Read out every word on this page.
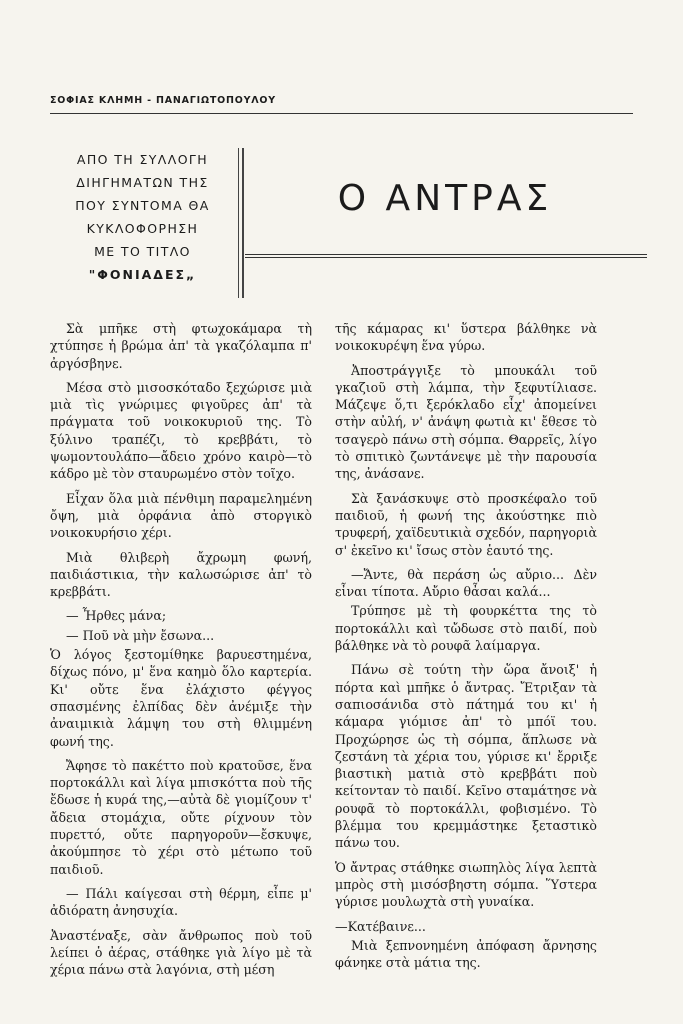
ΣΟΦΙΑΣ ΚΛΗΜΗ - ΠΑΝΑΓΙΩΤΟΠΟΥΛΟΥ
ΑΠΟ ΤΗ ΣΥΛΛΟΓΗ
ΔΙΗΓΗΜΑΤΩΝ ΤΗΣ
ΠΟΥ ΣΥΝΤΟΜΑ ΘΑ
ΚΥΚΛΟΦΟΡΗΣΗ
ΜΕ ΤΟ ΤΙΤΛΟ
"ΦΟΝΙΑΔΕΣ„
Ο ΑΝΤΡΑΣ

Σὰ μπῆκε στὴ φτωχοκάμαρα τὴ χτύπησε ἡ βρώμα ἀπ' τὰ γκαζόλαμπα π' ἀργόσβηνε.

Μέσα στὸ μισοσκόταδο ξεχώρισε μιὰ μιὰ τὶς γνώριμες φιγοῦρες ἀπ' τὰ πράγματα τοῦ νοικοκυριοῦ της. Τὸ ξύλινο τραπέζι, τὸ κρεββάτι, τὸ ψωμοντουλάπο—ἄδειο χρόνο καιρὸ—τὸ κάδρο μὲ τὸν σταυρωμένο στὸν τοῖχο.

Εἶχαν ὅλα μιὰ πένθιμη παραμελημένη ὄψη, μιὰ ὀρφάνια ἀπὸ στοργικὸ νοικοκυρήσιο χέρι.

Μιὰ θλιβερὴ ἄχρωμη φωνή, παιδιάστικια, τὴν καλωσώρισε ἀπ' τὸ κρεββάτι.

— Ἦρθες μάνα;

— Ποῦ νὰ μὴν ἔσωνα...

Ὁ λόγος ξεστομίθηκε βαρυεστημένα, δίχως πόνο, μ' ἕνα καημὸ ὅλο καρτερία. Κι' οὔτε ἕνα ἐλάχιστο φέγγος σπασμένης ἐλπίδας δὲν ἀνέμιξε τὴν ἀναιμικιὰ λάμψη του στὴ θλιμμένη φωνή της.

Ἄφησε τὸ πακέττο ποὺ κρατοῦσε, ἕνα πορτοκάλλι καὶ λίγα μπισκόττα ποὺ τῆς ἔδωσε ἡ κυρά της,—αὐτὰ δὲ γιομίζουν τ' ἄδεια στομάχια, οὔτε ρίχνουν τὸν πυρεττό, οὔτε παρηγοροῦν—ἔσκυψε, ἀκούμπησε τὸ χέρι στὸ μέτωπο τοῦ παιδιοῦ.

— Πάλι καίγεσαι στὴ θέρμη, εἶπε μ' ἀδιόρατη ἀνησυχία.

Ἀναστέναξε, σὰν ἄνθρωπος ποὺ τοῦ λείπει ὁ ἀέρας, στάθηκε γιὰ λίγο μὲ τὰ χέρια πάνω στὰ λαγόνια, στὴ μέση

τῆς κάμαρας κι' ὕστερα βάλθηκε νὰ νοικοκυρέψη ἕνα γύρω.

Ἀποστράγγιξε τὸ μπουκάλι τοῦ γκαζιοῦ στὴ λάμπα, τὴν ξεφυτίλιασε. Μάζεψε ὅ,τι ξερόκλαδο εἶχ' ἀπομείνει στὴν αὐλή, ν' ἀνάψη φωτιὰ κι' ἔθεσε τὸ τσαγερὸ πάνω στὴ σόμπα. Θαρρεῖς, λίγο τὸ σπιτικὸ ζωντάνεψε μὲ τὴν παρουσία της, ἀνάσανε.

Σὰ ξανάσκυψε στὸ προσκέφαλο τοῦ παιδιοῦ, ἡ φωνή της ἀκούστηκε πιὸ τρυφερή, χαϊδευτικιὰ σχεδόν, παρηγοριὰ σ' ἐκεῖνο κι' ἴσως στὸν ἑαυτό της.

—Ἄντε, θὰ περάση ὡς αὔριο... Δὲν εἶναι τίποτα. Αὔριο θἆσαι καλά...

Τρύπησε μὲ τὴ φουρκέττα της τὸ πορτοκάλλι καὶ τὤδωσε στὸ παιδί, ποὺ βάλθηκε νὰ τὸ ρουφᾶ λαίμαργα.

Πάνω σὲ τούτη τὴν ὥρα ἄνοιξ' ἡ πόρτα καὶ μπῆκε ὁ ἄντρας. Ἔτριξαν τὰ σαπιοσάνιδα στὸ πάτημά του κι' ἡ κάμαρα γιόμισε ἀπ' τὸ μπόϊ του. Προχώρησε ὡς τὴ σόμπα, ἅπλωσε νὰ ζεστάνη τὰ χέρια του, γύρισε κι' ἔρριξε βιαστικὴ ματιὰ στὸ κρεββάτι ποὺ κείτονταν τὸ παιδί. Κεῖνο σταμάτησε νὰ ρουφᾶ τὸ πορτοκάλλι, φοβισμένο. Τὸ βλέμμα του κρεμμάστηκε ξεταστικὸ πάνω του.

Ὁ ἄντρας στάθηκε σιωπηλὸς λίγα λεπτὰ μπρὸς στὴ μισόσβηστη σόμπα. Ὕστερα γύρισε μουλωχτὰ στὴ γυναίκα.

—Κατέβαινε...

Μιὰ ξεπνονημένη ἀπόφαση ἄρνησης φάνηκε στὰ μάτια της.
